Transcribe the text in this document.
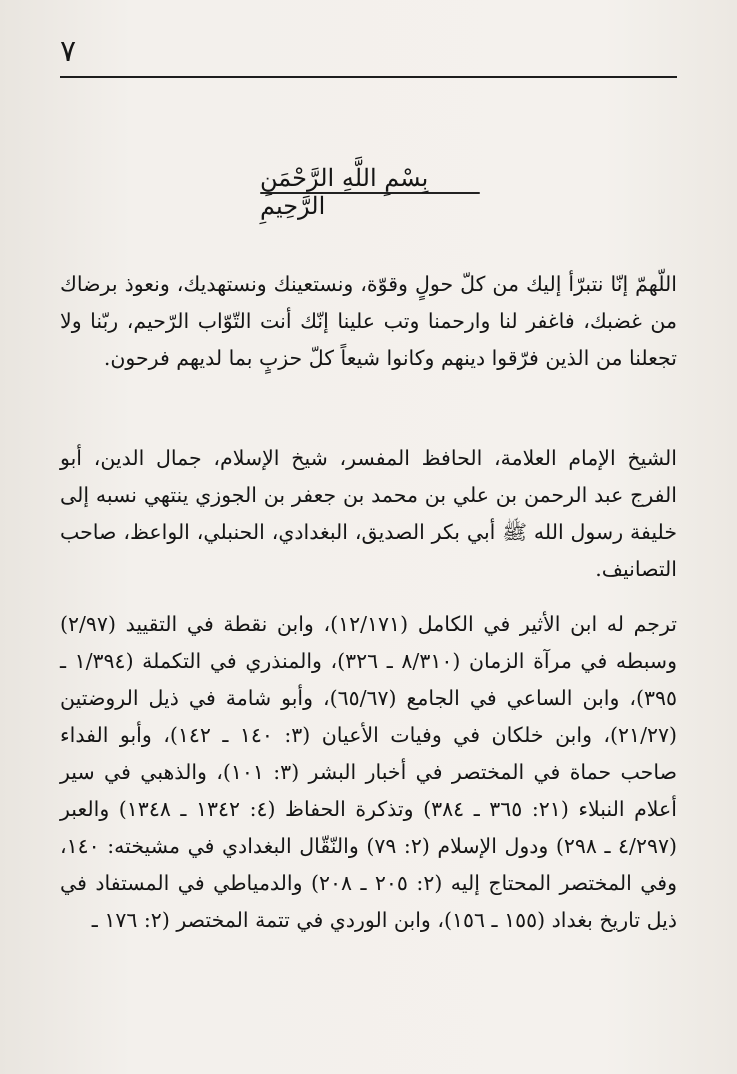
٧
بِسْمِ اللَّهِ الرَّحْمَنِ الرَّحِيمِ

اللّهمّ إنّا نتبرّأ إليك من كلّ حولٍ وقوّة، ونستعينك ونستهديك، ونعوذ برضاك من غضبك، فاغفر لنا وارحمنا وتب علينا إنّك أنت التّوّاب الرّحيم، ربّنا ولا تجعلنا من الذين فرّقوا دينهم وكانوا شيعاً كلّ حزبٍ بما لديهم فرحون.

الشيخ الإمام العلامة، الحافظ المفسر، شيخ الإسلام، جمال الدين، أبو الفرج عبد الرحمن بن علي بن محمد بن جعفر بن الجوزي ينتهي نسبه إلى خليفة رسول الله ﷺ أبي بكر الصديق، البغدادي، الحنبلي، الواعظ، صاحب التصانيف.

ترجم له ابن الأثير في الكامل (١٢/١٧١)، وابن نقطة في التقييد (٢/٩٧) وسبطه في مرآة الزمان (٨/٣١٠ ـ ٣٢٦)، والمنذري في التكملة (١/٣٩٤ ـ ٣٩٥)، وابن الساعي في الجامع (٦٥/٦٧)، وأبو شامة في ذيل الروضتين (٢١/٢٧)، وابن خلكان في وفيات الأعيان (٣: ١٤٠ ـ ١٤٢)، وأبو الفداء صاحب حماة في المختصر في أخبار البشر (٣: ١٠١)، والذهبي في سير أعلام النبلاء (٢١: ٣٦٥ ـ ٣٨٤) وتذكرة الحفاظ (٤: ١٣٤٢ ـ ١٣٤٨) والعبر (٤/٢٩٧ ـ ٢٩٨) ودول الإسلام (٢: ٧٩) والنّقّال البغدادي في مشيخته: ١٤٠، وفي المختصر المحتاج إليه (٢: ٢٠٥ ـ ٢٠٨) والدمياطي في المستفاد في ذيل تاريخ بغداد (١٥٥ ـ ١٥٦)، وابن الوردي في تتمة المختصر (٢: ١٧٦ ـ
